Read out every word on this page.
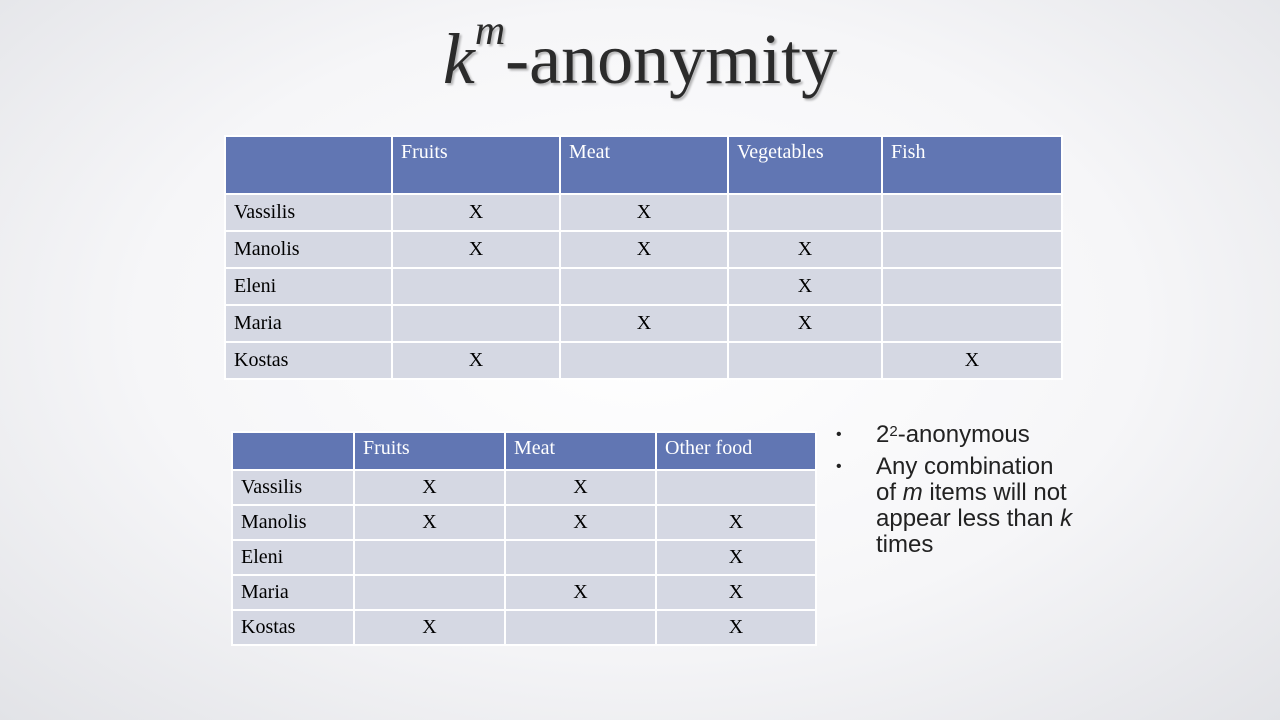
$k^m$-anonymity
	Fruits	Meat	Vegetables	Fish
Vassilis	X	X		
Manolis	X	X	X	
Eleni			X	
Maria		X	X	
Kostas	X			X
	Fruits	Meat	Other food
Vassilis	X	X	
Manolis	X	X	X
Eleni			X
Maria		X	X
Kostas	X		X
• $2^2$-anonymous
• Any combination of m items will not appear less than k times
